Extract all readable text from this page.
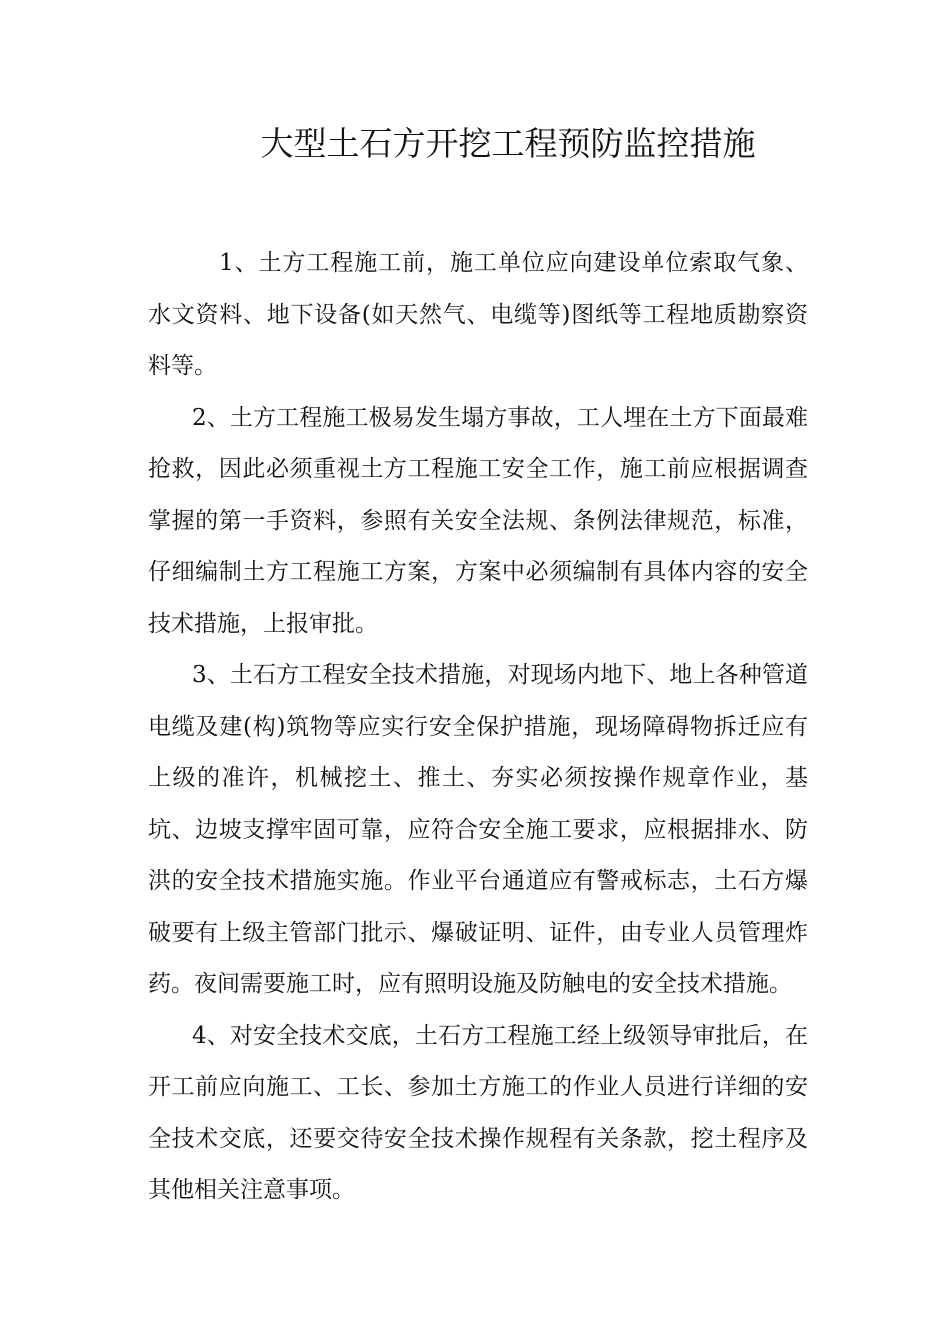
大型土石方开挖工程预防监控措施

1、土方工程施工前，施工单位应向建设单位索取气象、水文资料、地下设备(如天然气、电缆等)图纸等工程地质勘察资料等。

2、土方工程施工极易发生塌方事故，工人埋在土方下面最难抢救，因此必须重视土方工程施工安全工作，施工前应根据调查掌握的第一手资料，参照有关安全法规、条例法律规范，标准，仔细编制土方工程施工方案，方案中必须编制有具体内容的安全技术措施，上报审批。

3、土石方工程安全技术措施，对现场内地下、地上各种管道电缆及建(构)筑物等应实行安全保护措施，现场障碍物拆迁应有上级的准许，机械挖土、推土、夯实必须按操作规章作业，基坑、边坡支撑牢固可靠，应符合安全施工要求，应根据排水、防洪的安全技术措施实施。作业平台通道应有警戒标志，土石方爆破要有上级主管部门批示、爆破证明、证件，由专业人员管理炸药。夜间需要施工时，应有照明设施及防触电的安全技术措施。

4、对安全技术交底，土石方工程施工经上级领导审批后，在开工前应向施工、工长、参加土方施工的作业人员进行详细的安全技术交底，还要交待安全技术操作规程有关条款，挖土程序及其他相关注意事项。
